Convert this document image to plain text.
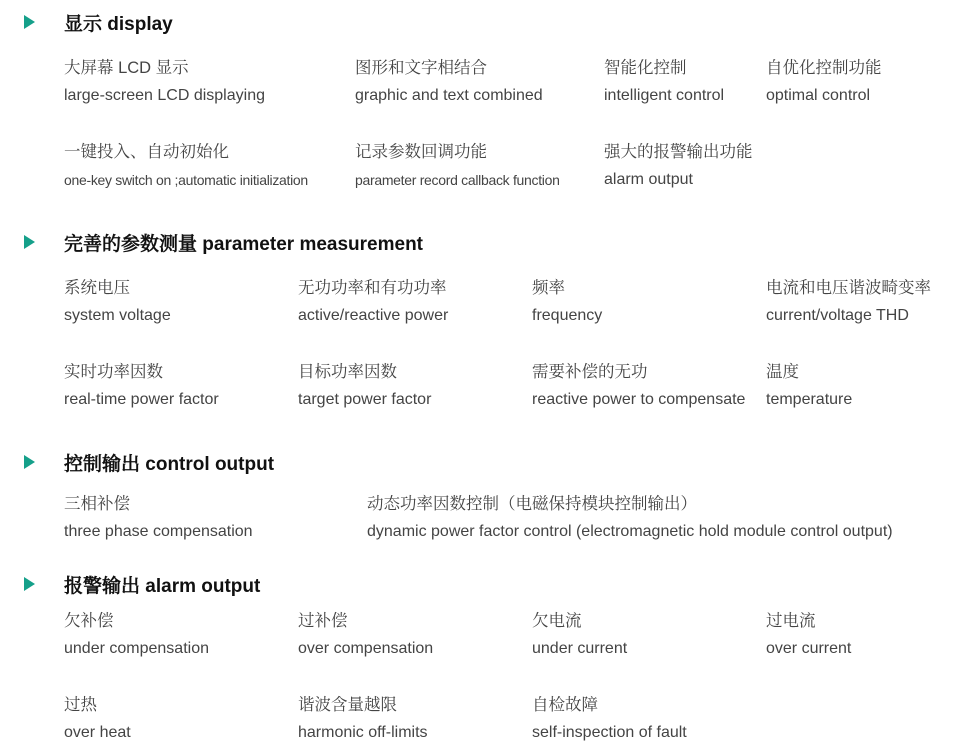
显示 display
大屏幕 LCD 显示
large-screen LCD displaying
图形和文字相结合
graphic and text combined
智能化控制
intelligent control
自优化控制功能
optimal control
一键投入、自动初始化
one-key switch on ;automatic initialization
记录参数回调功能
parameter record callback function
强大的报警输出功能
alarm output
完善的参数测量 parameter measurement
系统电压
system voltage
无功功率和有功功率
active/reactive power
频率
frequency
电流和电压谐波畸变率
current/voltage THD
实时功率因数
real-time power factor
目标功率因数
target power factor
需要补偿的无功
reactive power to compensate
温度
temperature
控制输出 control output
三相补偿
three phase compensation
动态功率因数控制（电磁保持模块控制输出）
dynamic power factor control (electromagnetic hold module control output)
报警输出 alarm output
欠补偿
under compensation
过补偿
over compensation
欠电流
under current
过电流
over current
过热
over heat
谐波含量越限
harmonic off-limits
自检故障
self-inspection of fault
